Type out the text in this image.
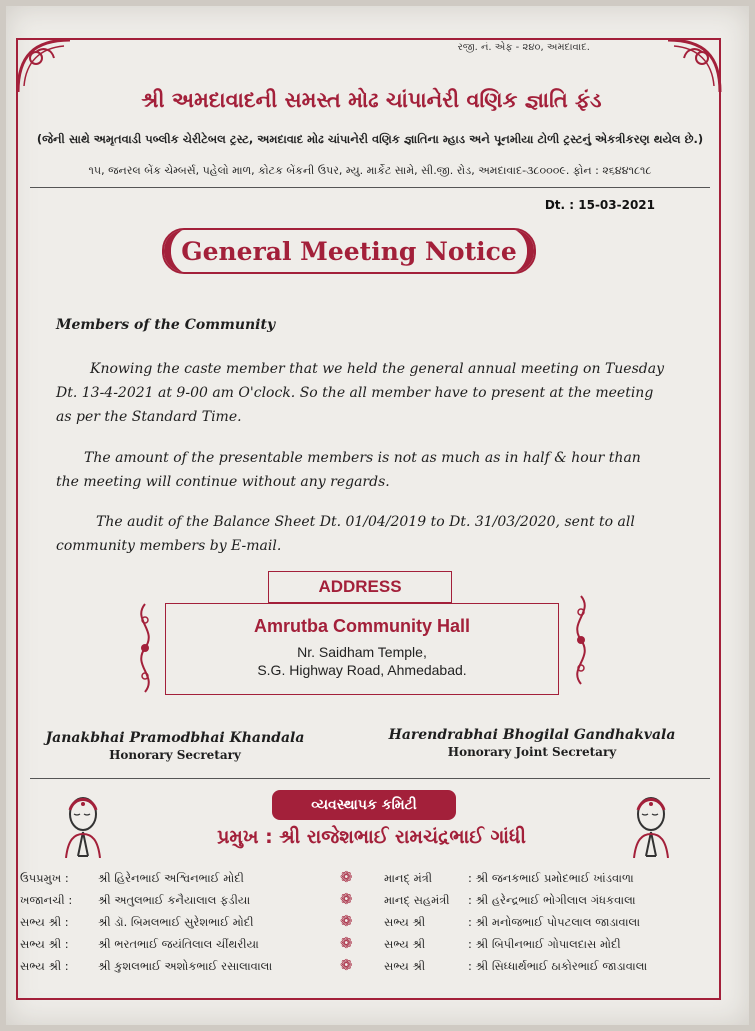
રજી. નં. એફ - ૨૪૦, અમદાવાદ.
શ્રી અમદાવાદની સમસ્ત મોઢ ચાંપાનેરી વણિક જ્ઞાતિ ફંડ
(જેની સાથે અમૃતવાડી પબ્લીક ચેરીટેબલ ટ્રસ્ટ, અમદાવાદ મોઢ ચાંપાનેરી વણિક જ્ઞાતિના મ્હાડ અને પૂનમીયા ટોળી ટ્રસ્ટનું એકત્રીકરણ થયેલ છે.)
૧૫, જનરલ બેંક ચેમ્બર્સ, પહેલો માળ, કોટક બેંકની ઉપર, મ્યુ. માર્કેટ સામે, સી.જી. રોડ, અમદાવાદ-૩૮૦૦૦૯. ફોન : ૨૬૪૪૧૮૧૮
Dt. : 15-03-2021
General Meeting Notice
Members of the Community
Knowing the caste member that we held the general annual meeting on Tuesday Dt. 13-4-2021 at 9-00 am O'clock. So the all member have to present at the meeting as per the Standard Time.
The amount of the presentable members is not as much as in half & hour than the meeting will continue without any regards.
The audit of the Balance Sheet Dt. 01/04/2019 to Dt. 31/03/2020, sent to all community members by E-mail.
Amrutba Community Hall
Nr. Saidham Temple,
S.G. Highway Road, Ahmedabad.
ADDRESS
Janakbhai Pramodbhai Khandala
Honorary Secretary
Harendrabhai Bhogilal Gandhakvala
Honorary Joint Secretary
વ્યવસ્થાપક કમિટી
પ્રમુખ : શ્રી રાજેશભાઈ રામચંદ્રભાઈ ગાંધી
ઉપપ્રમુખ :	શ્રી હિરેનભાઈ અશ્વિનભાઈ મોદી	❁	માનદ્ મંત્રી	: શ્રી જનકભાઈ પ્રમોદભાઈ ખાંડવાળા
ખજાનચી :	શ્રી અતુલભાઈ કનૈયાલાલ ફડીયા	❁	માનદ્ સહમંત્રી : શ્રી હરેન્દ્રભાઈ ભોગીલાલ ગંધકવાલા
સભ્ય શ્રી :	શ્રી ડૉ. બિમલભાઈ સુરેશભાઈ મોદી	❁	સભ્ય શ્રી	: શ્રી મનોજભાઈ પોપટલાલ જાડાવાલા
સભ્ય શ્રી :	શ્રી ભરતભાઈ જયંતિલાલ ચીંથરીયા	❁	સભ્ય શ્રી	: શ્રી બિપીનભાઈ ગોપાલદાસ મોદી
સભ્ય શ્રી :	શ્રી કુશલભાઈ અશોકભાઈ રસાલાવાલા	❁	સભ્ય શ્રી	: શ્રી સિધ્ધાર્થભાઈ ઠાકોરભાઈ જાડાવાલા
